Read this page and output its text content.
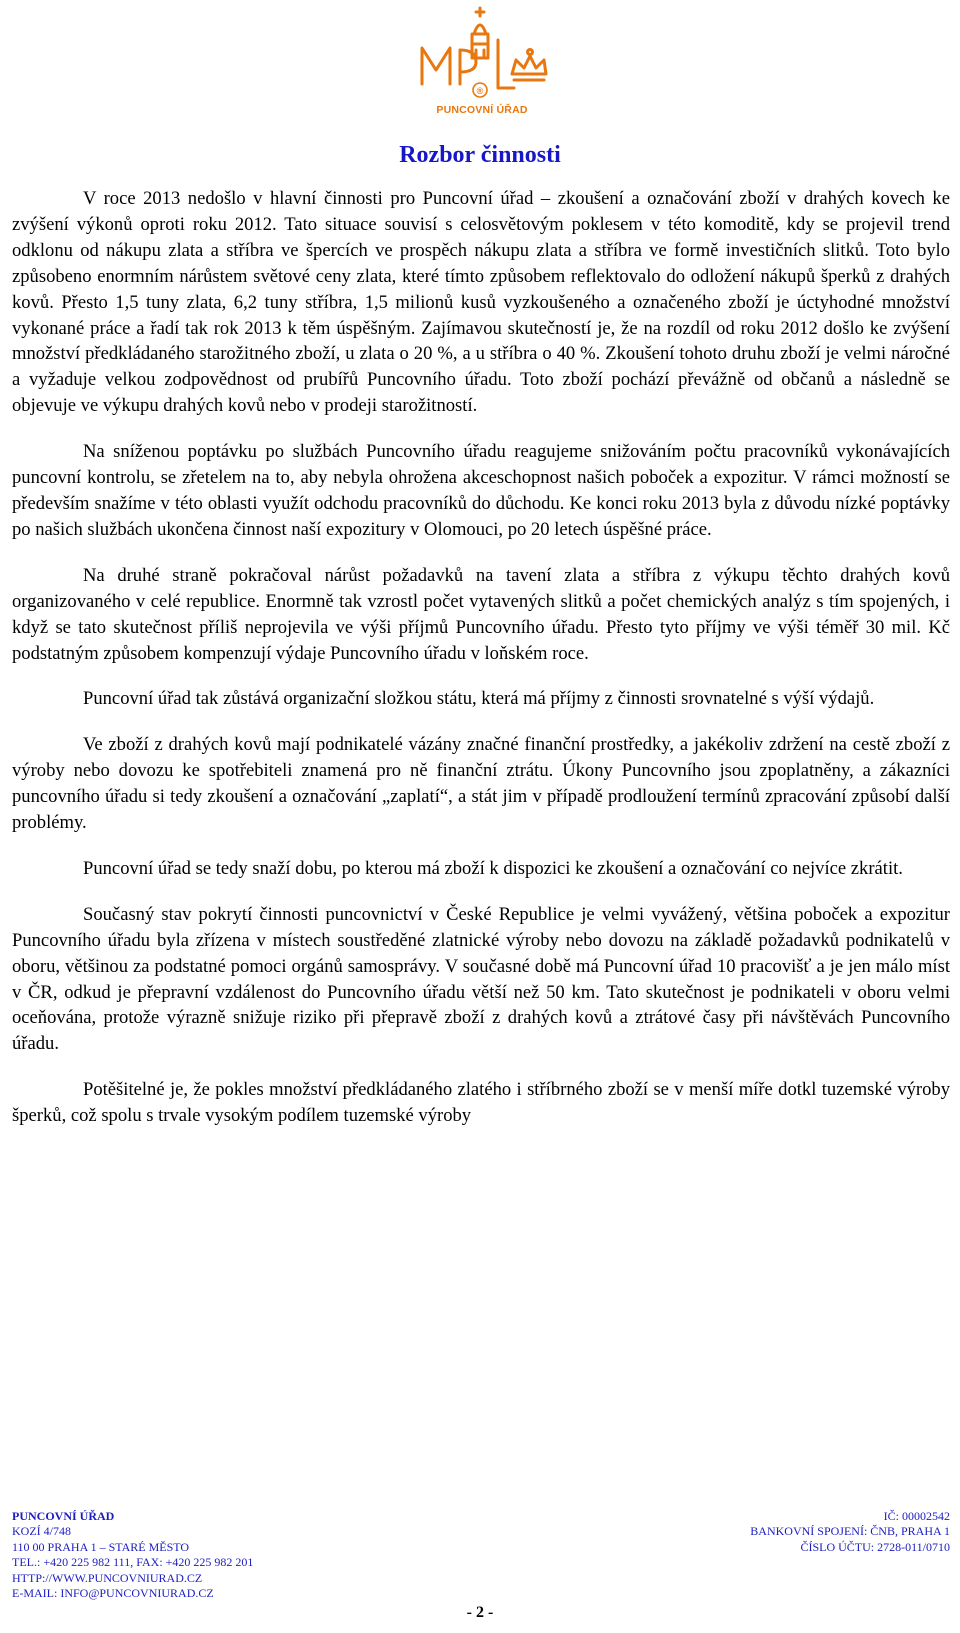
®
PUNCOVNÍ ÚŘAD
Rozbor činnosti

V roce 2013 nedošlo v hlavní činnosti pro Puncovní úřad – zkoušení a označování zboží v drahých kovech ke zvýšení výkonů oproti roku 2012. Tato situace souvisí s celosvětovým poklesem v této komoditě, kdy se projevil trend odklonu od nákupu zlata a stříbra ve špercích ve prospěch nákupu zlata a stříbra ve formě investičních slitků. Toto bylo způsobeno enormním nárůstem světové ceny zlata, které tímto způsobem reflektovalo do odložení nákupů šperků z drahých kovů. Přesto 1,5 tuny zlata, 6,2 tuny stříbra, 1,5 milionů kusů vyzkoušeného a označeného zboží je úctyhodné množství vykonané práce a řadí tak rok 2013 k těm úspěšným. Zajímavou skutečností je, že na rozdíl od roku 2012 došlo ke zvýšení množství předkládaného starožitného zboží, u zlata o 20 %, a u stříbra o 40 %. Zkoušení tohoto druhu zboží je velmi náročné a vyžaduje velkou zodpovědnost od prubířů Puncovního úřadu. Toto zboží pochází převážně od občanů a následně se objevuje ve výkupu drahých kovů nebo v prodeji starožitností.

Na sníženou poptávku po službách Puncovního úřadu reagujeme snižováním počtu pracovníků vykonávajících puncovní kontrolu, se zřetelem na to, aby nebyla ohrožena akceschopnost našich poboček a expozitur. V rámci možností se především snažíme v této oblasti využít odchodu pracovníků do důchodu. Ke konci roku 2013 byla z důvodu nízké poptávky po našich službách ukončena činnost naší expozitury v Olomouci, po 20 letech úspěšné práce.

Na druhé straně pokračoval nárůst požadavků na tavení zlata a stříbra z výkupu těchto drahých kovů organizovaného v celé republice. Enormně tak vzrostl počet vytavených slitků a počet chemických analýz s tím spojených, i když se tato skutečnost příliš neprojevila ve výši příjmů Puncovního úřadu. Přesto tyto příjmy ve výši téměř 30 mil. Kč podstatným způsobem kompenzují výdaje Puncovního úřadu v loňském roce.

Puncovní úřad tak zůstává organizační složkou státu, která má příjmy z činnosti srovnatelné s výší výdajů.

Ve zboží z drahých kovů mají podnikatelé vázány značné finanční prostředky, a jakékoliv zdržení na cestě zboží z výroby nebo dovozu ke spotřebiteli znamená pro ně finanční ztrátu. Úkony Puncovního jsou zpoplatněny, a zákazníci puncovního úřadu si tedy zkoušení a označování „zaplatí“, a stát jim v případě prodloužení termínů zpracování způsobí další problémy.

Puncovní úřad se tedy snaží dobu, po kterou má zboží k dispozici ke zkoušení a označování co nejvíce zkrátit.

Současný stav pokrytí činnosti puncovnictví v České Republice je velmi vyvážený, většina poboček a expozitur Puncovního úřadu byla zřízena v místech soustředěné zlatnické výroby nebo dovozu na základě požadavků podnikatelů v oboru, většinou za podstatné pomoci orgánů samosprávy. V současné době má Puncovní úřad 10 pracovišť a je jen málo míst v ČR, odkud je přepravní vzdálenost do Puncovního úřadu větší než 50 km. Tato skutečnost je podnikateli v oboru velmi oceňována, protože výrazně snižuje riziko při přepravě zboží z drahých kovů a ztrátové časy při návštěvách Puncovního úřadu.

Potěšitelné je, že pokles množství předkládaného zlatého i stříbrného zboží se v menší míře dotkl tuzemské výroby šperků, což spolu s trvale vysokým podílem tuzemské výroby

PUNCOVNÍ ÚŘAD
KOZÍ 4/748
110 00 PRAHA 1 – STARÉ MĚSTO
TEL.: +420 225 982 111, FAX: +420 225 982 201
HTTP://WWW.PUNCOVNIURAD.CZ
E-MAIL: INFO@PUNCOVNIURAD.CZ
IČ: 00002542
BANKOVNÍ SPOJENÍ: ČNB, PRAHA 1
ČÍSLO ÚČTU: 2728-011/0710
- 2 -
